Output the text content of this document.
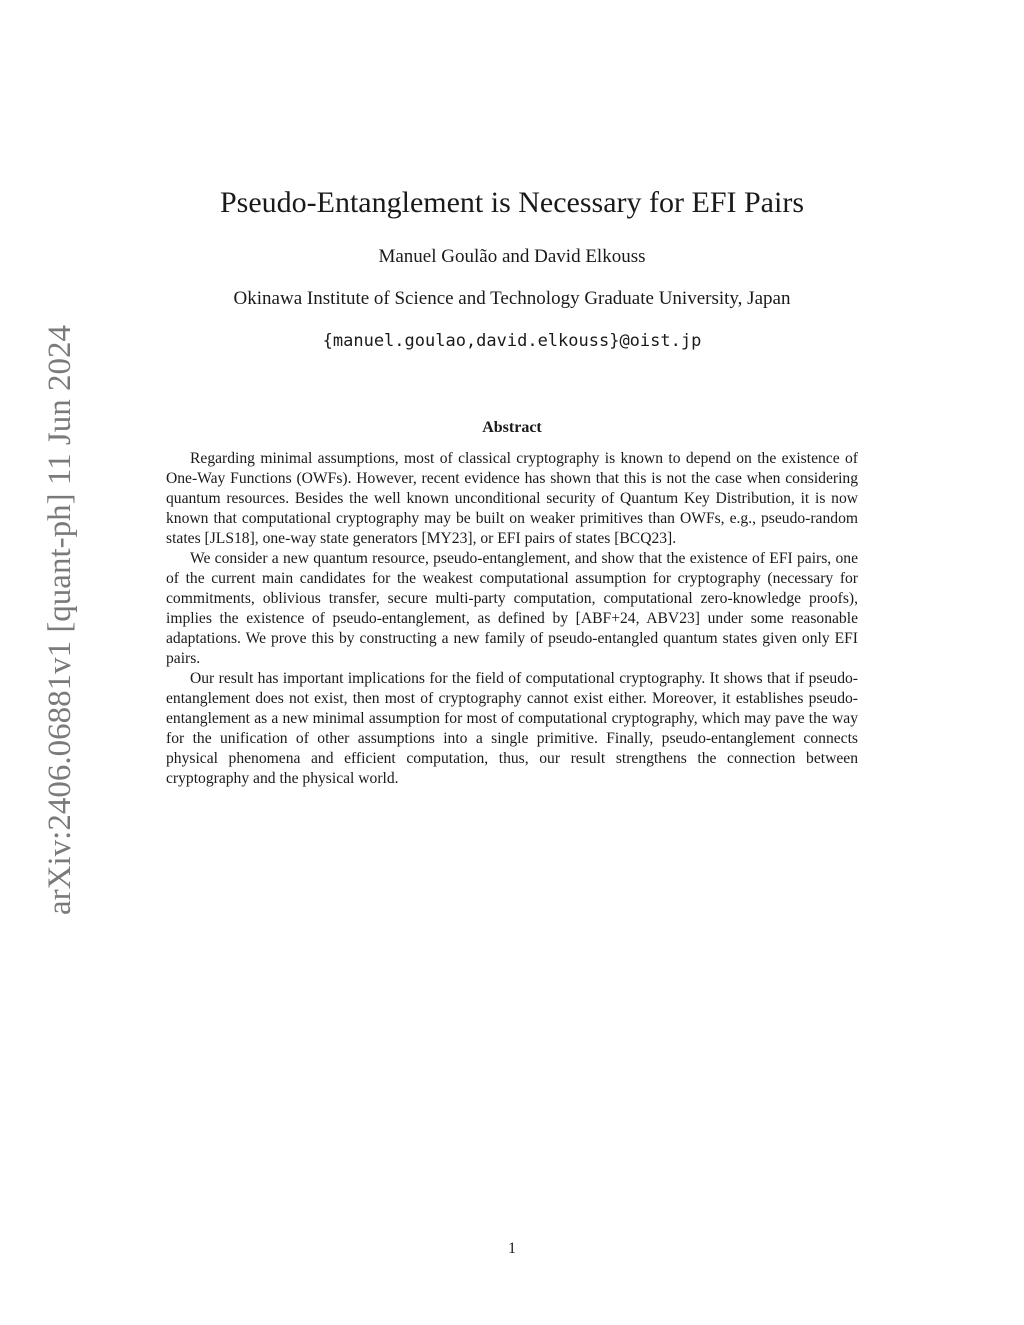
arXiv:2406.06881v1 [quant-ph] 11 Jun 2024
Pseudo-Entanglement is Necessary for EFI Pairs
Manuel Goulão and David Elkouss
Okinawa Institute of Science and Technology Graduate University, Japan
{manuel.goulao,david.elkouss}@oist.jp
Abstract

Regarding minimal assumptions, most of classical cryptography is known to depend on the existence of One-Way Functions (OWFs). However, recent evidence has shown that this is not the case when considering quantum resources. Besides the well known unconditional security of Quantum Key Distribution, it is now known that computational cryptography may be built on weaker primitives than OWFs, e.g., pseudo-random states [JLS18], one-way state generators [MY23], or EFI pairs of states [BCQ23].

We consider a new quantum resource, pseudo-entanglement, and show that the existence of EFI pairs, one of the current main candidates for the weakest computational assumption for cryptography (necessary for commitments, oblivious transfer, secure multi-party computation, computational zero-knowledge proofs), implies the existence of pseudo-entanglement, as defined by [ABF+24, ABV23] under some reasonable adaptations. We prove this by constructing a new family of pseudo-entangled quantum states given only EFI pairs.

Our result has important implications for the field of computational cryptography. It shows that if pseudo-entanglement does not exist, then most of cryptography cannot exist either. Moreover, it establishes pseudo-entanglement as a new minimal assumption for most of computational cryptography, which may pave the way for the unification of other assumptions into a single primitive. Finally, pseudo-entanglement connects physical phenomena and efficient computation, thus, our result strengthens the connection between cryptography and the physical world.

1
